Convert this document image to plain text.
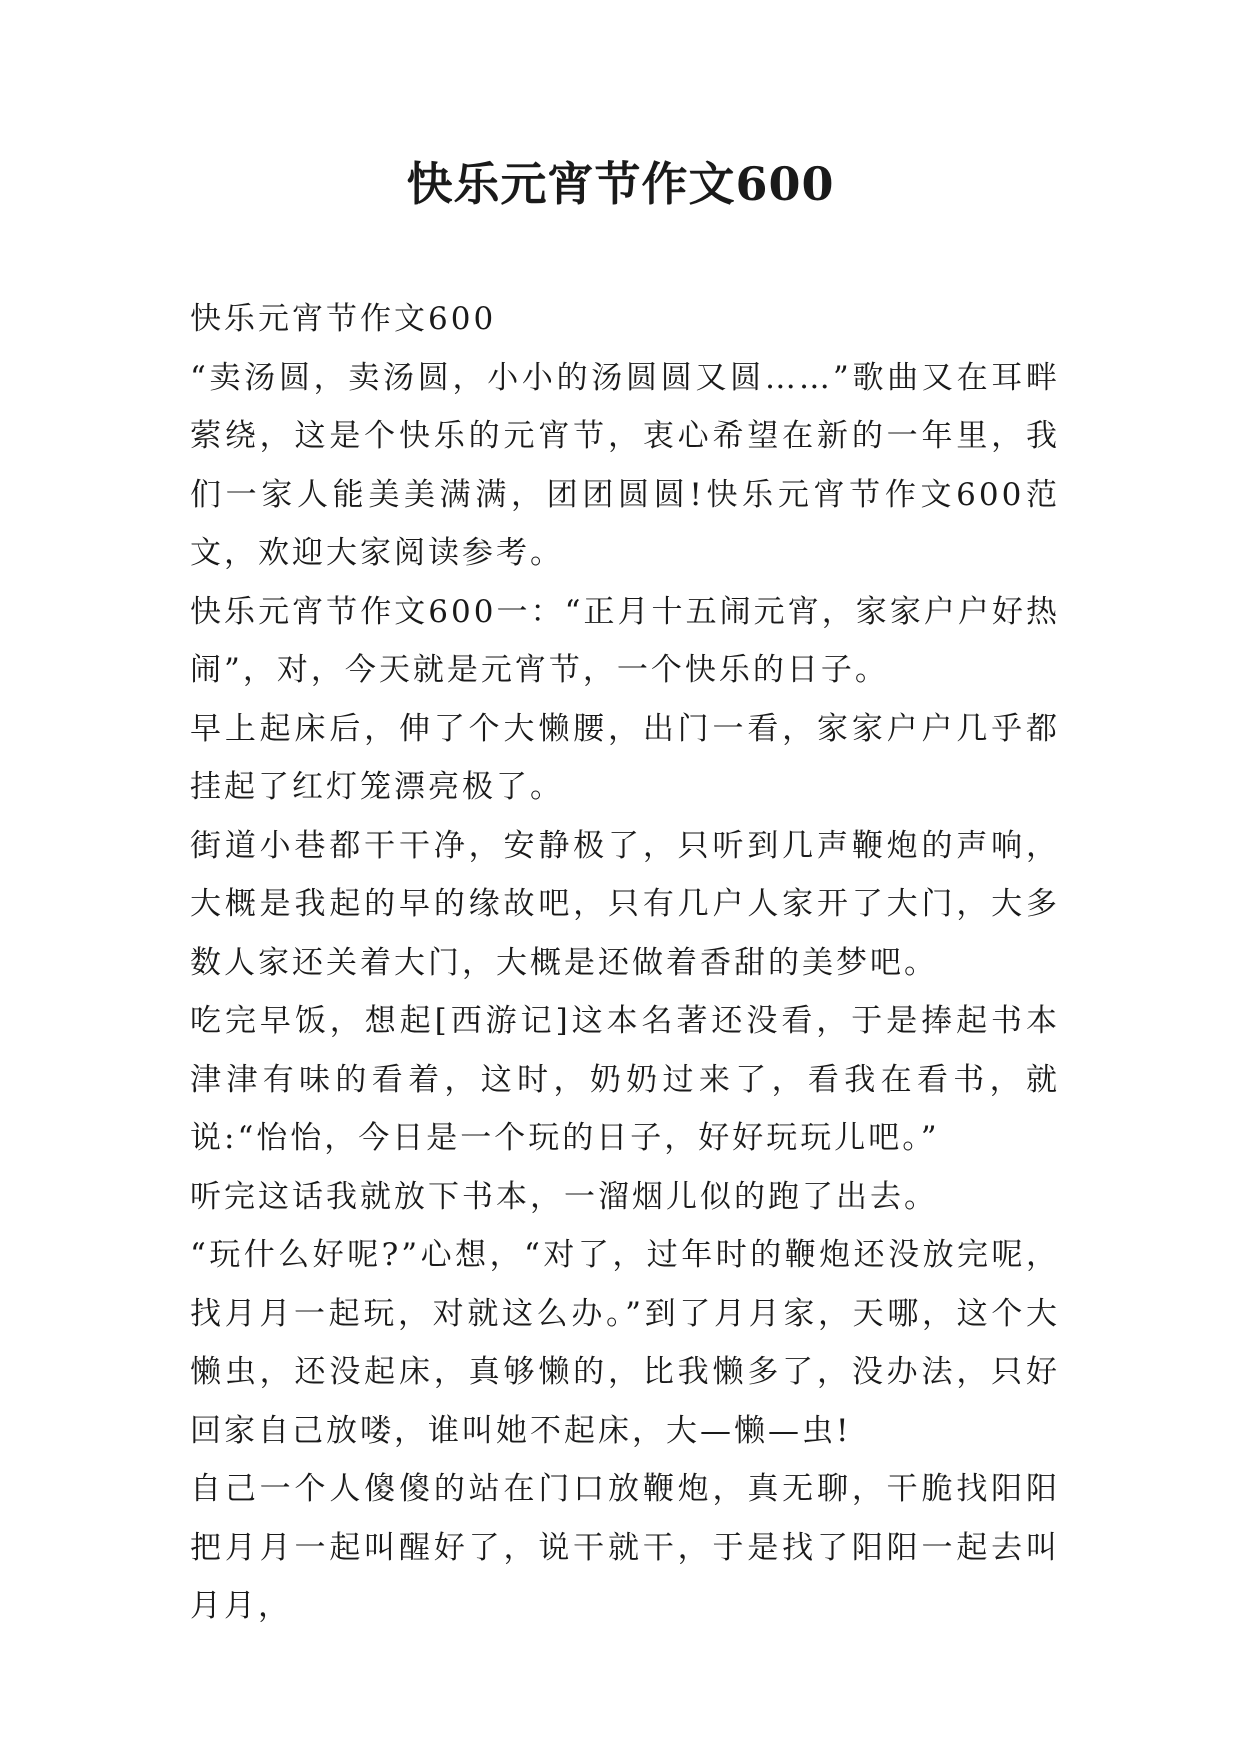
快乐元宵节作文600

快乐元宵节作文600

“卖汤圆，卖汤圆，小小的汤圆圆又圆……”歌曲又在耳畔萦绕，这是个快乐的元宵节，衷心希望在新的一年里，我们一家人能美美满满，团团圆圆!快乐元宵节作文600范文，欢迎大家阅读参考。

快乐元宵节作文600一：“正月十五闹元宵，家家户户好热闹”，对，今天就是元宵节，一个快乐的日子。

早上起床后，伸了个大懒腰，出门一看，家家户户几乎都挂起了红灯笼漂亮极了。

街道小巷都干干净，安静极了，只听到几声鞭炮的声响，大概是我起的早的缘故吧，只有几户人家开了大门，大多数人家还关着大门，大概是还做着香甜的美梦吧。

吃完早饭，想起[西游记]这本名著还没看，于是捧起书本津津有味的看着，这时，奶奶过来了，看我在看书，就说:“怡怡，今日是一个玩的日子，好好玩玩儿吧。”

听完这话我就放下书本，一溜烟儿似的跑了出去。

“玩什么好呢?”心想，“对了，过年时的鞭炮还没放完呢，找月月一起玩，对就这么办。”到了月月家，天哪，这个大懒虫，还没起床，真够懒的，比我懒多了，没办法，只好回家自己放喽，谁叫她不起床，大—懒—虫!

自己一个人傻傻的站在门口放鞭炮，真无聊，干脆找阳阳把月月一起叫醒好了，说干就干，于是找了阳阳一起去叫月月，
